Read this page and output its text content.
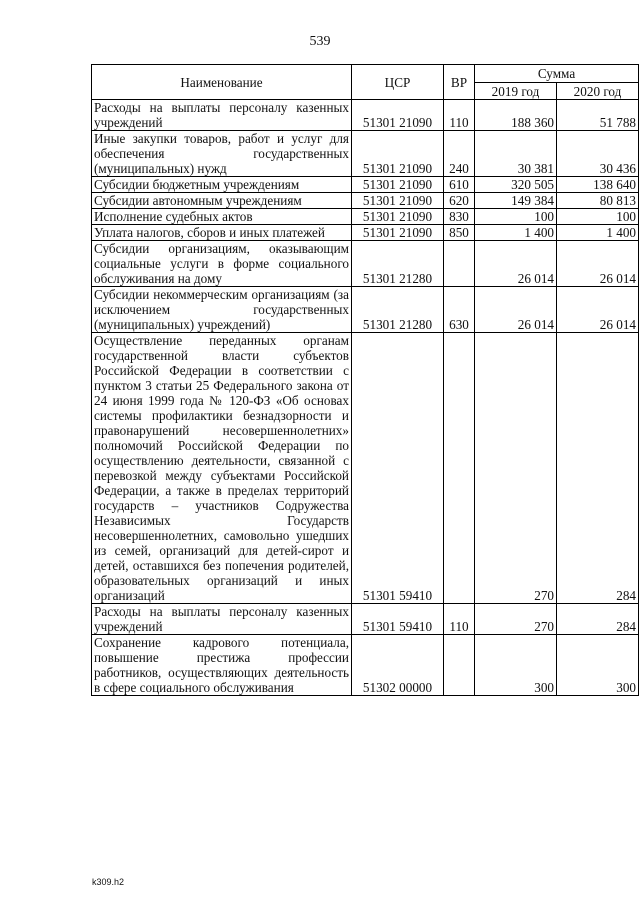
539
Наименование	ЦСР	ВР	Сумма	
			2019 год	2020 год
Расходы на выплаты персоналу казенных учреждений	51301 21090	110	188 360	51 788
Иные закупки товаров, работ и услуг для обеспечения государственных (муниципальных) нужд	51301 21090	240	30 381	30 436
Субсидии бюджетным учреждениям	51301 21090	610	320 505	138 640
Субсидии автономным учреждениям	51301 21090	620	149 384	80 813
Исполнение судебных актов	51301 21090	830	100	100
Уплата налогов, сборов и иных платежей	51301 21090	850	1 400	1 400
Субсидии организациям, оказывающим социальные услуги в форме социального обслуживания на дому	51301 21280		26 014	26 014
Субсидии некоммерческим организациям (за исключением государственных (муниципальных) учреждений)	51301 21280	630	26 014	26 014
Осуществление переданных органам государственной власти субъектов Российской Федерации в соответствии с пунктом 3 статьи 25 Федерального закона от 24 июня 1999 года № 120-ФЗ «Об основах системы профилактики безнадзорности и правонарушений несовершеннолетних» полномочий Российской Федерации по осуществлению деятельности, связанной с перевозкой между субъектами Российской Федерации, а также в пределах территорий государств – участников Содружества Независимых Государств несовершеннолетних, самовольно ушедших из семей, организаций для детей-сирот и детей, оставшихся без попечения родителей, образовательных организаций и иных организаций	51301 59410		270	284
Расходы на выплаты персоналу казенных учреждений	51301 59410	110	270	284
Сохранение кадрового потенциала, повышение престижа профессии работников, осуществляющих деятельность в сфере социального обслуживания	51302 00000		300	300
k309.h2
